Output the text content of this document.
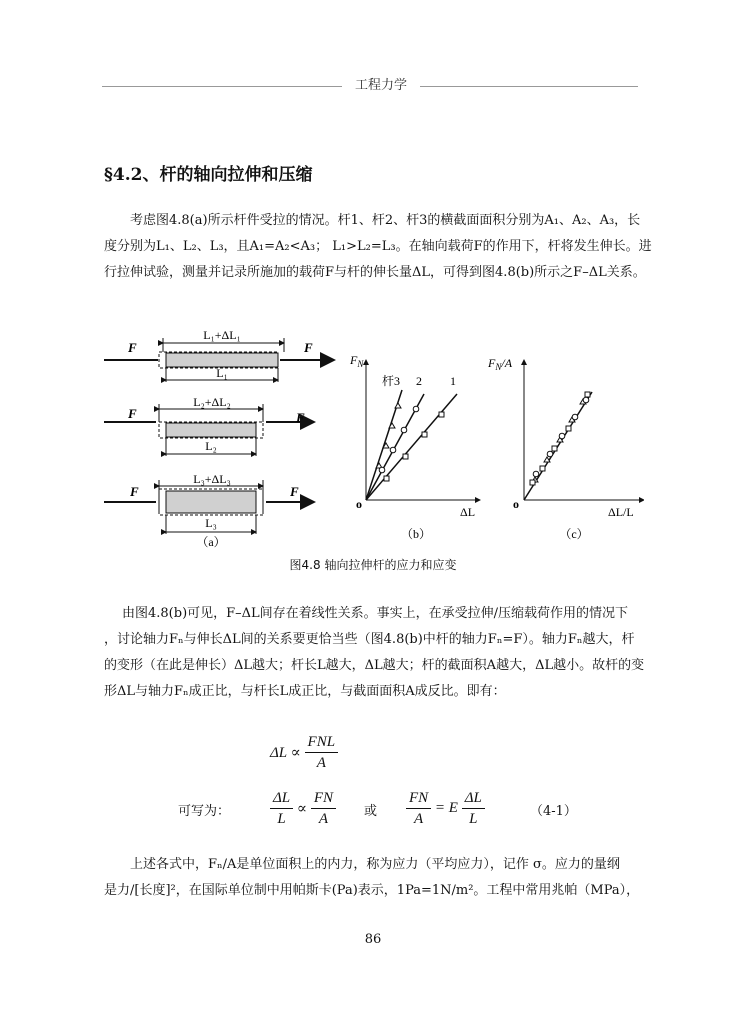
工程力学
§4.2、杆的轴向拉伸和压缩

考虑图4.8(a)所示杆件受拉的情况。杆1、杆2、杆3的横截面面积分别为A₁、A₂、A₃，长

度分别为L₁、L₂、L₃，且A₁=A₂<A₃； L₁>L₂=L₃。在轴向载荷F的作用下，杆将发生伸长。进

行拉伸试验，测量并记录所施加的载荷F与杆的伸长量ΔL，可得到图4.8(b)所示之F–ΔL关系。

L₁+ΔL₁
F	F
L₁
L₂+ΔL₂
F	F
L₂
L₃+ΔL₃
F	F
L₃
（a）
$F_N$
o
ΔL
杆3 2 1
（b）
$F_N/A$
o
ΔL/L
（c）
图4.8 轴向拉伸杆的应力和应变

由图4.8(b)可见，F–ΔL间存在着线性关系。事实上，在承受拉伸/压缩载荷作用的情况下

，讨论轴力Fₙ与伸长ΔL间的关系要更恰当些（图4.8(b)中杆的轴力Fₙ=F）。轴力Fₙ越大，杆

的变形（在此是伸长）ΔL越大；杆长L越大，ΔL越大；杆的截面积A越大，ΔL越小。故杆的变

形ΔL与轴力Fₙ成正比，与杆长L成正比，与截面面积A成反比。即有：

$\Delta L \propto \frac{\text{FNL}}{A}$
可写为：	$\frac{\Delta L}{L} \propto \frac{FN}{A}$ 或 $\frac{FN}{A} = E \frac{\Delta L}{L}$	（4-1）

上述各式中，Fₙ/A是单位面积上的内力，称为应力（平均应力），记作 σ。应力的量纲

是力/[长度]²，在国际单位制中用帕斯卡(Pa)表示，1Pa=1N/m²。工程中常用兆帕（MPa），

86
